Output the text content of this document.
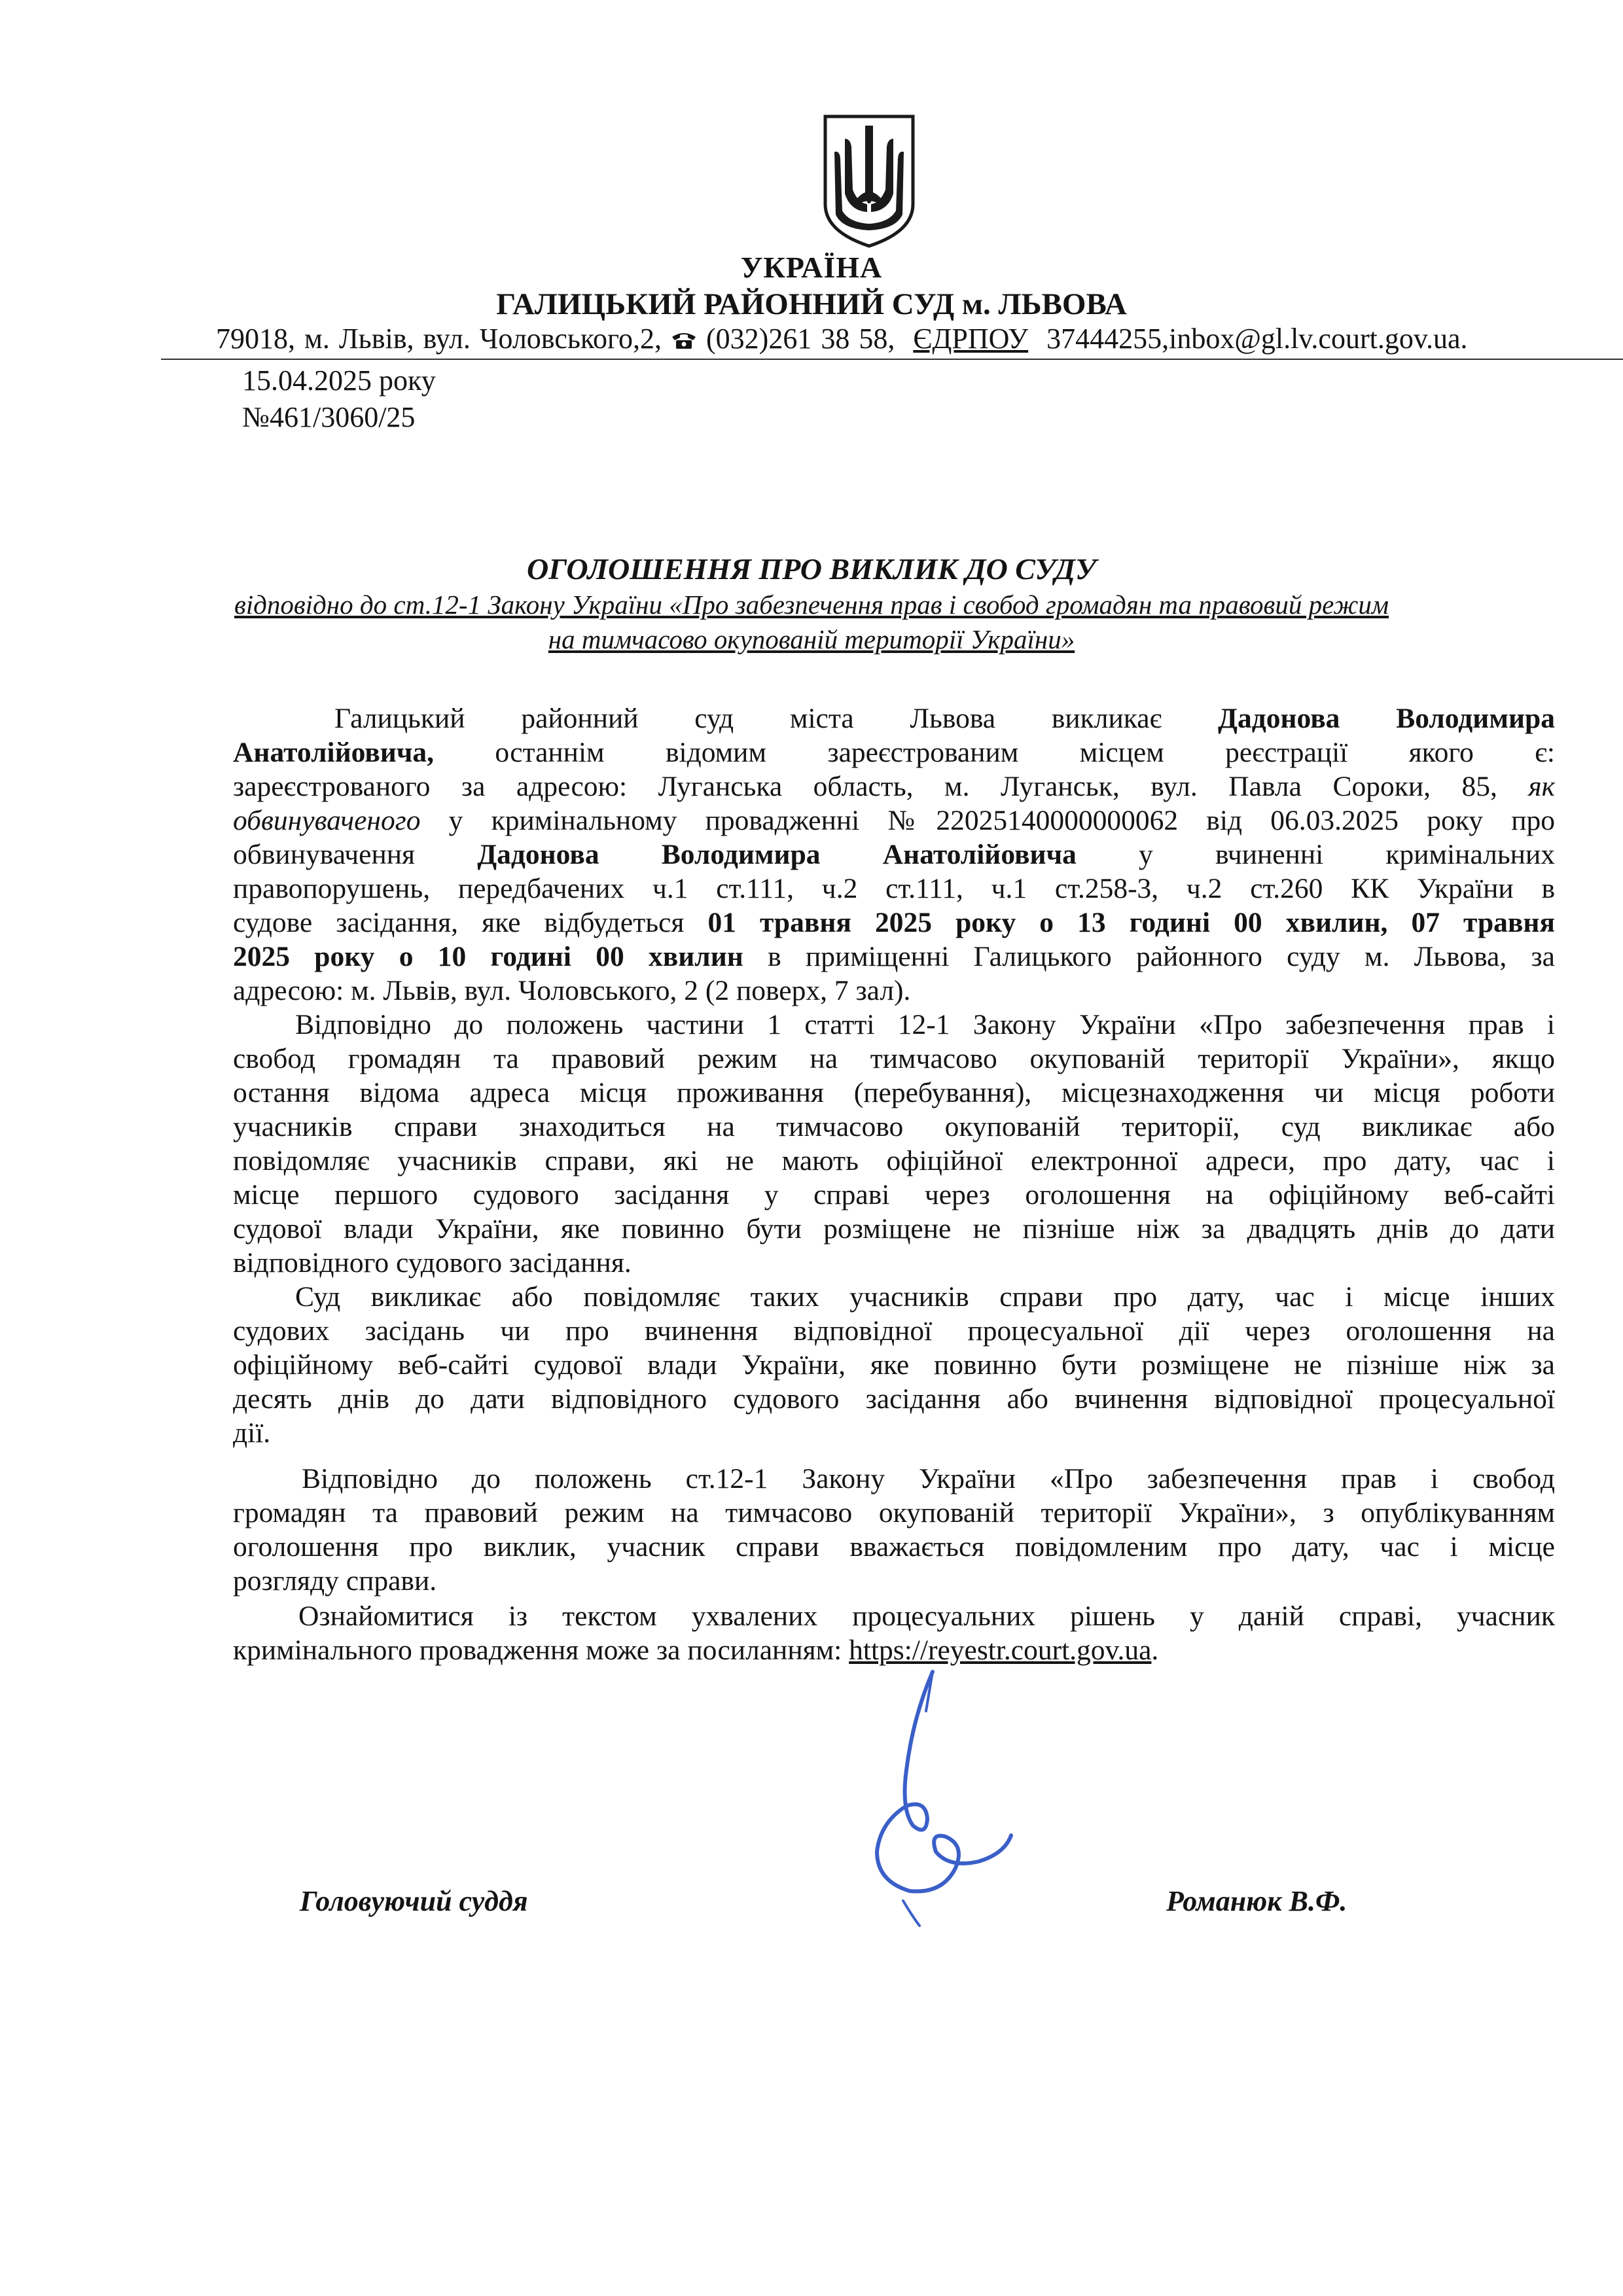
УКРАЇНА
ГАЛИЦЬКИЙ РАЙОННИЙ СУД м. ЛЬВОВА
79018, м. Львів, вул. Чоловського,2, (032)261 38 58,  ЄДРПОУ 37444255,inbox@gl.lv.court.gov.ua.
15.04.2025 року
№461/3060/25
ОГОЛОШЕННЯ ПРО ВИКЛИК ДО СУДУ
відповідно до ст.12-1 Закону України «Про забезпечення прав і свобод громадян та правовий режим
на тимчасово окупованій території України»
Галицький районний суд міста Львова викликає Дадонова Володимира
Анатолійовича, останнім відомим зареєстрованим місцем реєстрації якого є:
зареєстрованого за адресою: Луганська область, м. Луганськ, вул. Павла Сороки, 85, як
обвинуваченого у кримінальному провадженні №22025140000000062 від 06.03.2025 року про
обвинувачення Дадонова Володимира Анатолійовича у вчиненні кримінальних
правопорушень, передбачених ч.1 ст.111, ч.2 ст.111, ч.1 ст.258-3, ч.2 ст.260 КК України в
судове засідання, яке відбудеться 01 травня 2025 року о 13 годині 00 хвилин, 07 травня
2025 року о 10 годині 00 хвилин в приміщенні Галицького районного суду м. Львова, за
адресою: м. Львів, вул. Чоловського, 2 (2 поверх, 7 зал).
Відповідно до положень частини 1 статті 12-1 Закону України «Про забезпечення прав і
свобод громадян та правовий режим на тимчасово окупованій території України», якщо
остання відома адреса місця проживання (перебування), місцезнаходження чи місця роботи
учасників справи знаходиться на тимчасово окупованій території, суд викликає або
повідомляє учасників справи, які не мають офіційної електронної адреси, про дату, час і
місце першого судового засідання у справі через оголошення на офіційному веб-сайті
судової влади України, яке повинно бути розміщене не пізніше ніж за двадцять днів до дати
відповідного судового засідання.
Суд викликає або повідомляє таких учасників справи про дату, час і місце інших
судових засідань чи про вчинення відповідної процесуальної дії через оголошення на
офіційному веб-сайті судової влади України, яке повинно бути розміщене не пізніше ніж за
десять днів до дати відповідного судового засідання або вчинення відповідної процесуальної
дії.
Відповідно до положень ст.12-1 Закону України «Про забезпечення прав і свобод
громадян та правовий режим на тимчасово окупованій території України», з опублікуванням
оголошення про виклик, учасник справи вважається повідомленим про дату, час і місце
розгляду справи.
Ознайомитися із текстом ухвалених процесуальних рішень у даній справі, учасник
кримінального провадження може за посиланням: https://reyestr.court.gov.ua.
Головуючий суддя	Романюк В.Ф.
